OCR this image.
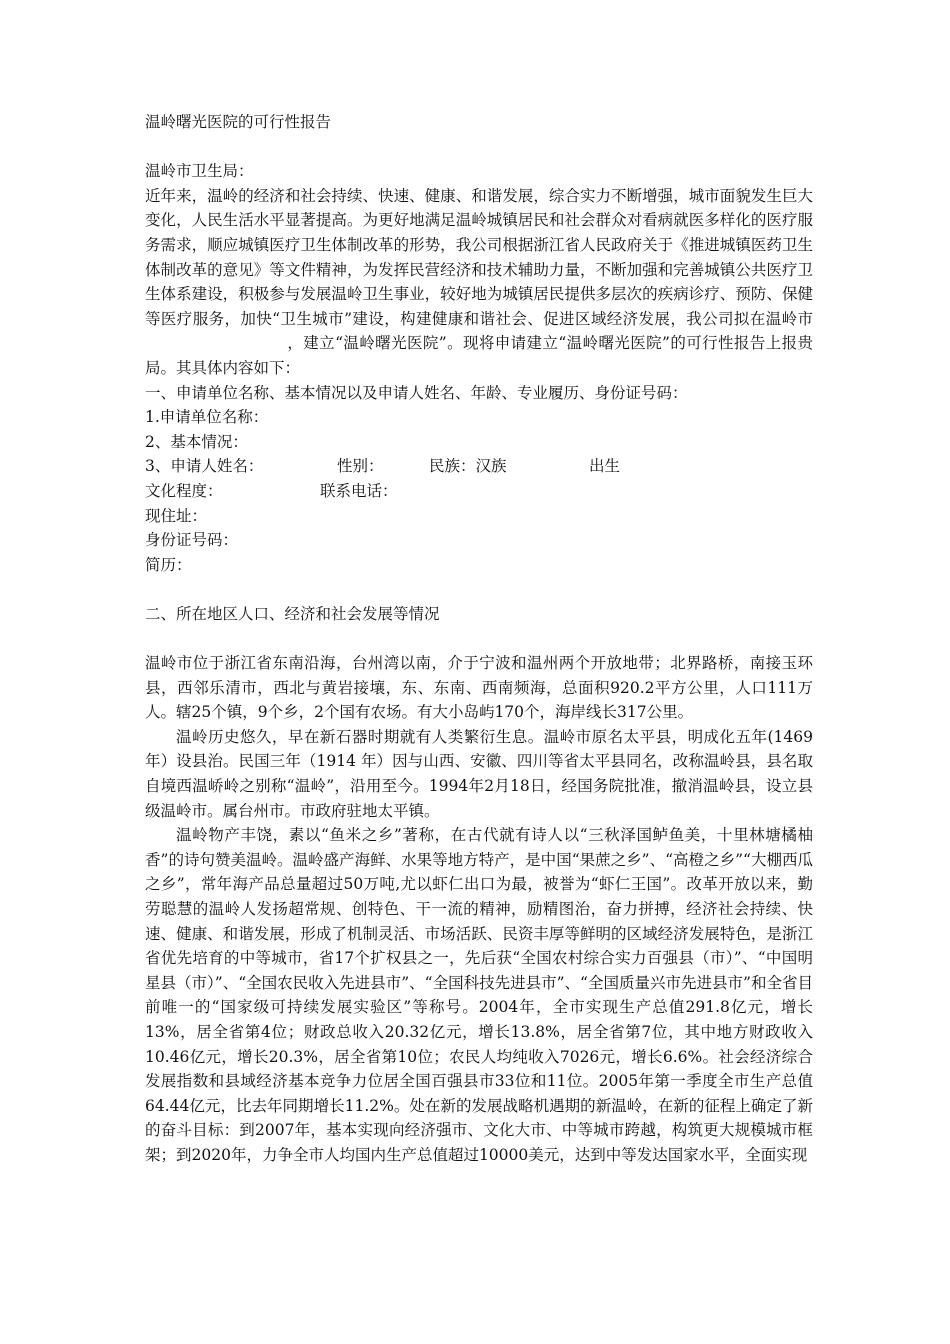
温岭曙光医院的可行性报告
温岭市卫生局：
近年来，温岭的经济和社会持续、快速、健康、和谐发展，综合实力不断增强，城市面貌发生巨大变化，人民生活水平显著提高。为更好地满足温岭城镇居民和社会群众对看病就医多样化的医疗服务需求，顺应城镇医疗卫生体制改革的形势，我公司根据浙江省人民政府关于《推进城镇医药卫生体制改革的意见》等文件精神，为发挥民营经济和技术辅助力量，不断加强和完善城镇公共医疗卫生体系建设，积极参与发展温岭卫生事业，较好地为城镇居民提供多层次的疾病诊疗、预防、保健等医疗服务，加快“卫生城市”建设，构建健康和谐社会、促进区域经济发展，我公司拟在温岭市，建立“温岭曙光医院”。现将申请建立“温岭曙光医院”的可行性报告上报贵局。其具体内容如下：
一、申请单位名称、基本情况以及申请人姓名、年龄、专业履历、身份证号码：
1.申请单位名称：
2、基本情况：
3、申请人姓名：	性别：	民族：汉族	出生
文化程度：	联系电话：
现住址：
身份证号码：
简历：
二、所在地区人口、经济和社会发展等情况
温岭市位于浙江省东南沿海，台州湾以南，介于宁波和温州两个开放地带；北界路桥，南接玉环县，西邻乐清市，西北与黄岩接壤，东、东南、西南频海，总面积920.2平方公里，人口111万人。辖25个镇，9个乡，2个国有农场。有大小岛屿170个，海岸线长317公里。
温岭历史悠久，早在新石器时期就有人类繁衍生息。温岭市原名太平县，明成化五年(1469年）设县治。民国三年（1914 年）因与山西、安徽、四川等省太平县同名，改称温岭县，县名取自境西温峤岭之别称“温岭”，沿用至今。1994年2月18日，经国务院批准，撤消温岭县，设立县级温岭市。属台州市。市政府驻地太平镇。
温岭物产丰饶，素以“鱼米之乡”著称，在古代就有诗人以“三秋泽国鲈鱼美，十里林塘橘柚香”的诗句赞美温岭。温岭盛产海鲜、水果等地方特产，是中国“果蔗之乡”、“高橙之乡”“大棚西瓜之乡”，常年海产品总量超过50万吨,尤以虾仁出口为最，被誉为“虾仁王国”。改革开放以来，勤劳聪慧的温岭人发扬超常规、创特色、干一流的精神，励精图治，奋力拼搏，经济社会持续、快速、健康、和谐发展，形成了机制灵活、市场活跃、民资丰厚等鲜明的区域经济发展特色，是浙江省优先培育的中等城市，省17个扩权县之一，先后获“全国农村综合实力百强县（市）”、“中国明星县（市）”、“全国农民收入先进县市”、“全国科技先进县市”、“全国质量兴市先进县市”和全省目前唯一的“国家级可持续发展实验区”等称号。2004年，全市实现生产总值291.8亿元，增长13%，居全省第4位；财政总收入20.32亿元，增长13.8%，居全省第7位，其中地方财政收入10.46亿元，增长20.3%，居全省第10位；农民人均纯收入7026元，增长6.6%。社会经济综合发展指数和县域经济基本竞争力位居全国百强县市33位和11位。2005年第一季度全市生产总值64.44亿元，比去年同期增长11.2%。处在新的发展战略机遇期的新温岭，在新的征程上确定了新的奋斗目标：到2007年，基本实现向经济强市、文化大市、中等城市跨越，构筑更大规模城市框架；到2020年，力争全市人均国内生产总值超过10000美元，达到中等发达国家水平，全面实现
